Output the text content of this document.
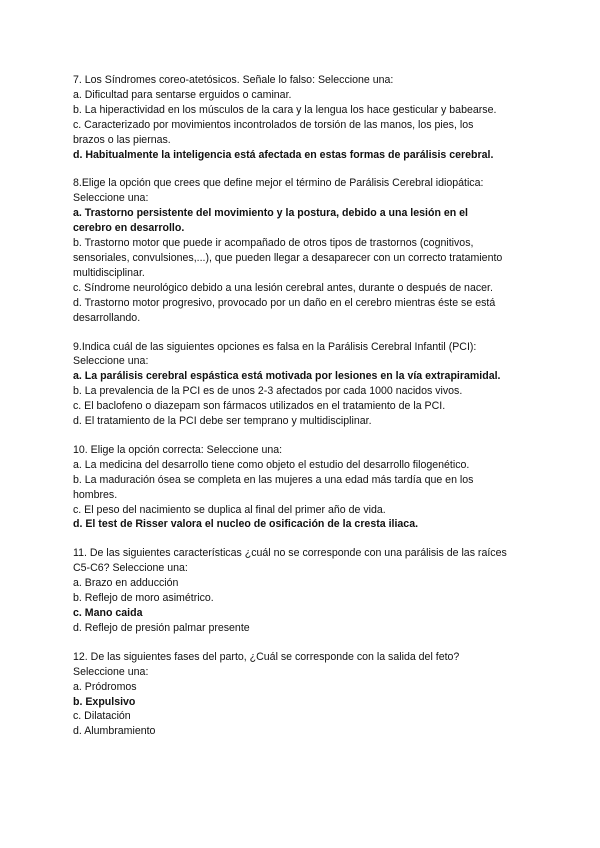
7. Los Síndromes coreo-atetósicos. Señale lo falso: Seleccione una:

a. Dificultad para sentarse erguidos o caminar.

b. La hiperactividad en los músculos de la cara y la lengua los hace gesticular y babearse.

c. Caracterizado por movimientos incontrolados de torsión de las manos, los pies, los

brazos o las piernas.

d. Habitualmente la inteligencia está afectada en estas formas de parálisis cerebral.

8.Elige la opción que crees que define mejor el término de Parálisis Cerebral idiopática:

Seleccione una:

a. Trastorno persistente del movimiento y la postura, debido a una lesión en el

cerebro en desarrollo.

b. Trastorno motor que puede ir acompañado de otros tipos de trastornos (cognitivos,

sensoriales, convulsiones,...), que pueden llegar a desaparecer con un correcto tratamiento

multidisciplinar.

c. Síndrome neurológico debido a una lesión cerebral antes, durante o después de nacer.

d. Trastorno motor progresivo, provocado por un daño en el cerebro mientras éste se está

desarrollando.

9.Indica cuál de las siguientes opciones es falsa en la Parálisis Cerebral Infantil (PCI):

Seleccione una:

a. La parálisis cerebral espástica está motivada por lesiones en la vía extrapiramidal.

b. La prevalencia de la PCI es de unos 2-3 afectados por cada 1000 nacidos vivos.

c. El baclofeno o diazepam son fármacos utilizados en el tratamiento de la PCI.

d. El tratamiento de la PCI debe ser temprano y multidisciplinar.

10. Elige la opción correcta: Seleccione una:

a. La medicina del desarrollo tiene como objeto el estudio del desarrollo filogenético.

b. La maduración ósea se completa en las mujeres a una edad más tardía que en los

hombres.

c. El peso del nacimiento se duplica al final del primer año de vida.

d. El test de Risser valora el nucleo de osificación de la cresta iliaca.

11. De las siguientes características ¿cuál no se corresponde con una parálisis de las raíces

C5-C6? Seleccione una:

a. Brazo en adducción

b. Reflejo de moro asimétrico.

c. Mano caida

d. Reflejo de presión palmar presente

12. De las siguientes fases del parto, ¿Cuál se corresponde con la salida del feto?

Seleccione una:

a. Pródromos

b. Expulsivo

c. Dilatación

d. Alumbramiento
